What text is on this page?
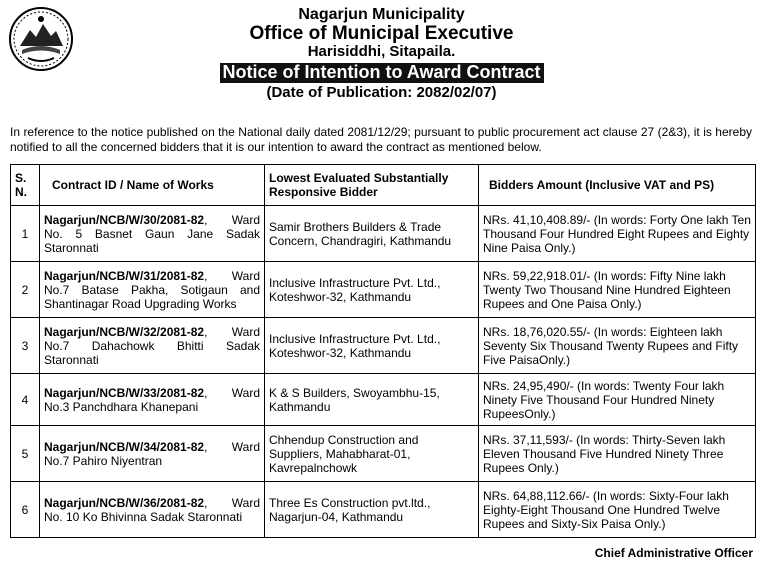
Nagarjun Municipality
Office of Municipal Executive
Harisiddhi, Sitapaila.
Notice of Intention to Award Contract
(Date of Publication: 2082/02/07)
In reference to the notice published on the National daily dated 2081/12/29; pursuant to public procurement act clause 27 (2&3), it is hereby notified to all the concerned bidders that it is our intention to award the contract as mentioned below.
S. N.	Contract ID / Name of Works	Lowest Evaluated Substantially Responsive Bidder	Bidders Amount (Inclusive VAT and PS)
1	Nagarjun/NCB/W/30/2081-82, Ward No. 5 Basnet Gaun Jane Sadak Staronnati	Samir Brothers Builders & Trade Concern, Chandragiri, Kathmandu	NRs. 41,10,408.89/- (In words: Forty One lakh Ten Thousand Four Hundred Eight Rupees and Eighty Nine Paisa Only.)
2	Nagarjun/NCB/W/31/2081-82, Ward No.7 Batase Pakha, Sotigaun and Shantinagar Road Upgrading Works	Inclusive Infrastructure Pvt. Ltd., Koteshwor-32, Kathmandu	NRs. 59,22,918.01/- (In words: Fifty Nine lakh Twenty Two Thousand Nine Hundred Eighteen Rupees and One Paisa Only.)
3	Nagarjun/NCB/W/32/2081-82, Ward No.7 Dahachowk Bhitti Sadak Staronnati	Inclusive Infrastructure Pvt. Ltd., Koteshwor-32, Kathmandu	NRs. 18,76,020.55/- (In words: Eighteen lakh Seventy Six Thousand Twenty Rupees and Fifty Five PaisaOnly.)
4	Nagarjun/NCB/W/33/2081-82, Ward No.3 Panchdhara Khanepani	K & S Builders, Swoyambhu-15, Kathmandu	NRs. 24,95,490/- (In words: Twenty Four lakh Ninety Five Thousand Four Hundred Ninety RupeesOnly.)
5	Nagarjun/NCB/W/34/2081-82, Ward No.7 Pahiro Niyentran	Chhendup Construction and Suppliers, Mahabharat-01, Kavrepalnchowk	NRs. 37,11,593/- (In words: Thirty-Seven lakh Eleven Thousand Five Hundred Ninety Three Rupees Only.)
6	Nagarjun/NCB/W/36/2081-82, Ward No. 10 Ko Bhivinna Sadak Staronnati	Three Es Construction pvt.ltd., Nagarjun-04, Kathmandu	NRs. 64,88,112.66/- (In words: Sixty-Four lakh Eighty-Eight Thousand One Hundred Twelve Rupees and Sixty-Six Paisa Only.)
Chief Administrative Officer
